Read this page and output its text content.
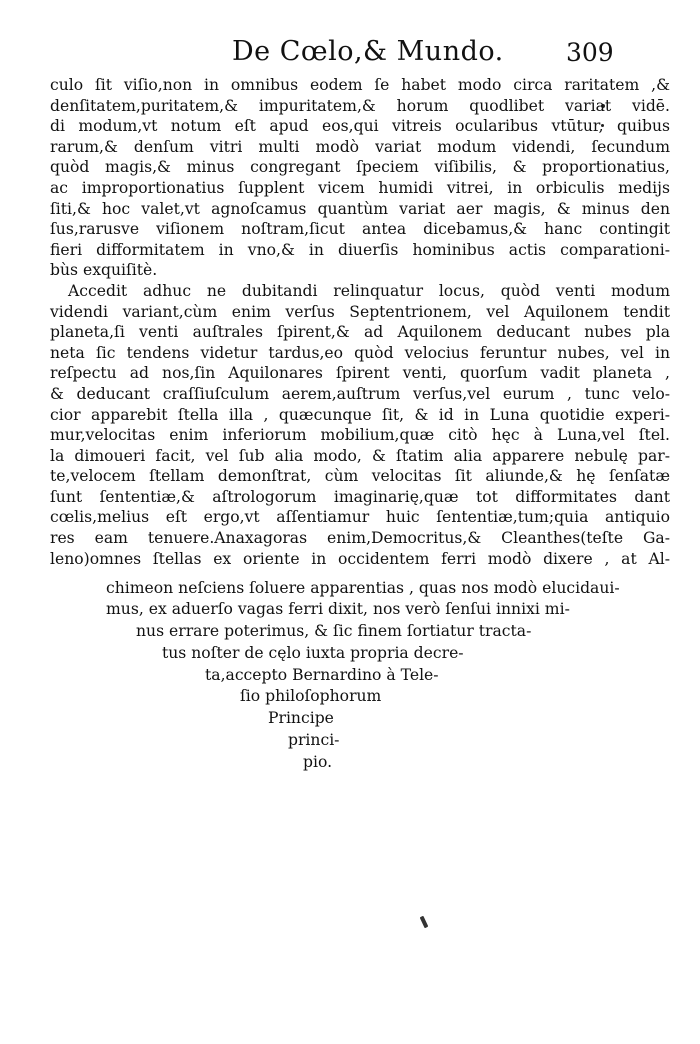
De Cœlo,& Mundo. 309
culo ſit viſio,non in omnibus eodem ſe habet modo circa raritatem ,&
denſitatem,puritatem,& impuritatem,& horum quodlibet variat vidē.
di modum,vt notum eſt apud eos,qui vitreis ocularibus vtūtur, quibus
rarum,& denſum vitri multi modò variat modum videndi, ſecundum
quòd magis,& minus congregant ſpeciem viſibilis, & proportionatius,
ac improportionatius ſupplent vicem humidi vitrei, in orbiculis medijs
ſiti,& hoc valet,vt agnoſcamus quantùm variat aer magis, & minus den
ſus,rarusve viſionem noſtram,ſicut antea dicebamus,& hanc contingit
fieri difformitatem in vno,& in diuerſis hominibus actis comparationi-
bùs exquiſitè.
Accedit adhuc ne dubitandi relinquatur locus, quòd venti modum
videndi variant,cùm enim verſus Septentrionem, vel Aquilonem tendit
planeta,ſi venti auſtrales ſpirent,& ad Aquilonem deducant nubes pla
neta ſic tendens videtur tardus,eo quòd velocius feruntur nubes, vel in
reſpectu ad nos,ſin Aquilonares ſpirent venti, quorſum vadit planeta ,
& deducant craſſiuſculum aerem,auſtrum verſus,vel eurum , tunc velo-
cior apparebit ſtella illa , quæcunque ſit, & id in Luna quotidie experi-
mur,velocitas enim inferiorum mobilium,quæ citò hęc à Luna,vel ſtel.
la dimoueri facit, vel ſub alia modo, & ſtatim alia apparere nebulę par-
te,velocem ſtellam demonſtrat, cùm velocitas ſit aliunde,& hę ſenſatæ
ſunt ſententiæ,& aſtrologorum imaginarię,quæ tot difformitates dant
cœlis,melius eſt ergo,vt aſſentiamur huic ſententiæ,tum;quia antiquio
res eam tenuere.Anaxagoras enim,Democritus,& Cleanthes(teſte Ga-
leno)omnes ſtellas ex oriente in occidentem ferri modò dixere , at Al-
chimeon neſciens ſoluere apparentias , quas nos modò elucidaui-
mus, ex aduerſo vagas ferri dixit, nos verò ſenſui innixi mi-
nus errare poterimus, & ſic finem ſortiatur tracta-
tus noſter de cęlo iuxta propria decre-
ta,accepto Bernardino à Tele-
ſio philoſophorum
Principe
princi-
pio.
